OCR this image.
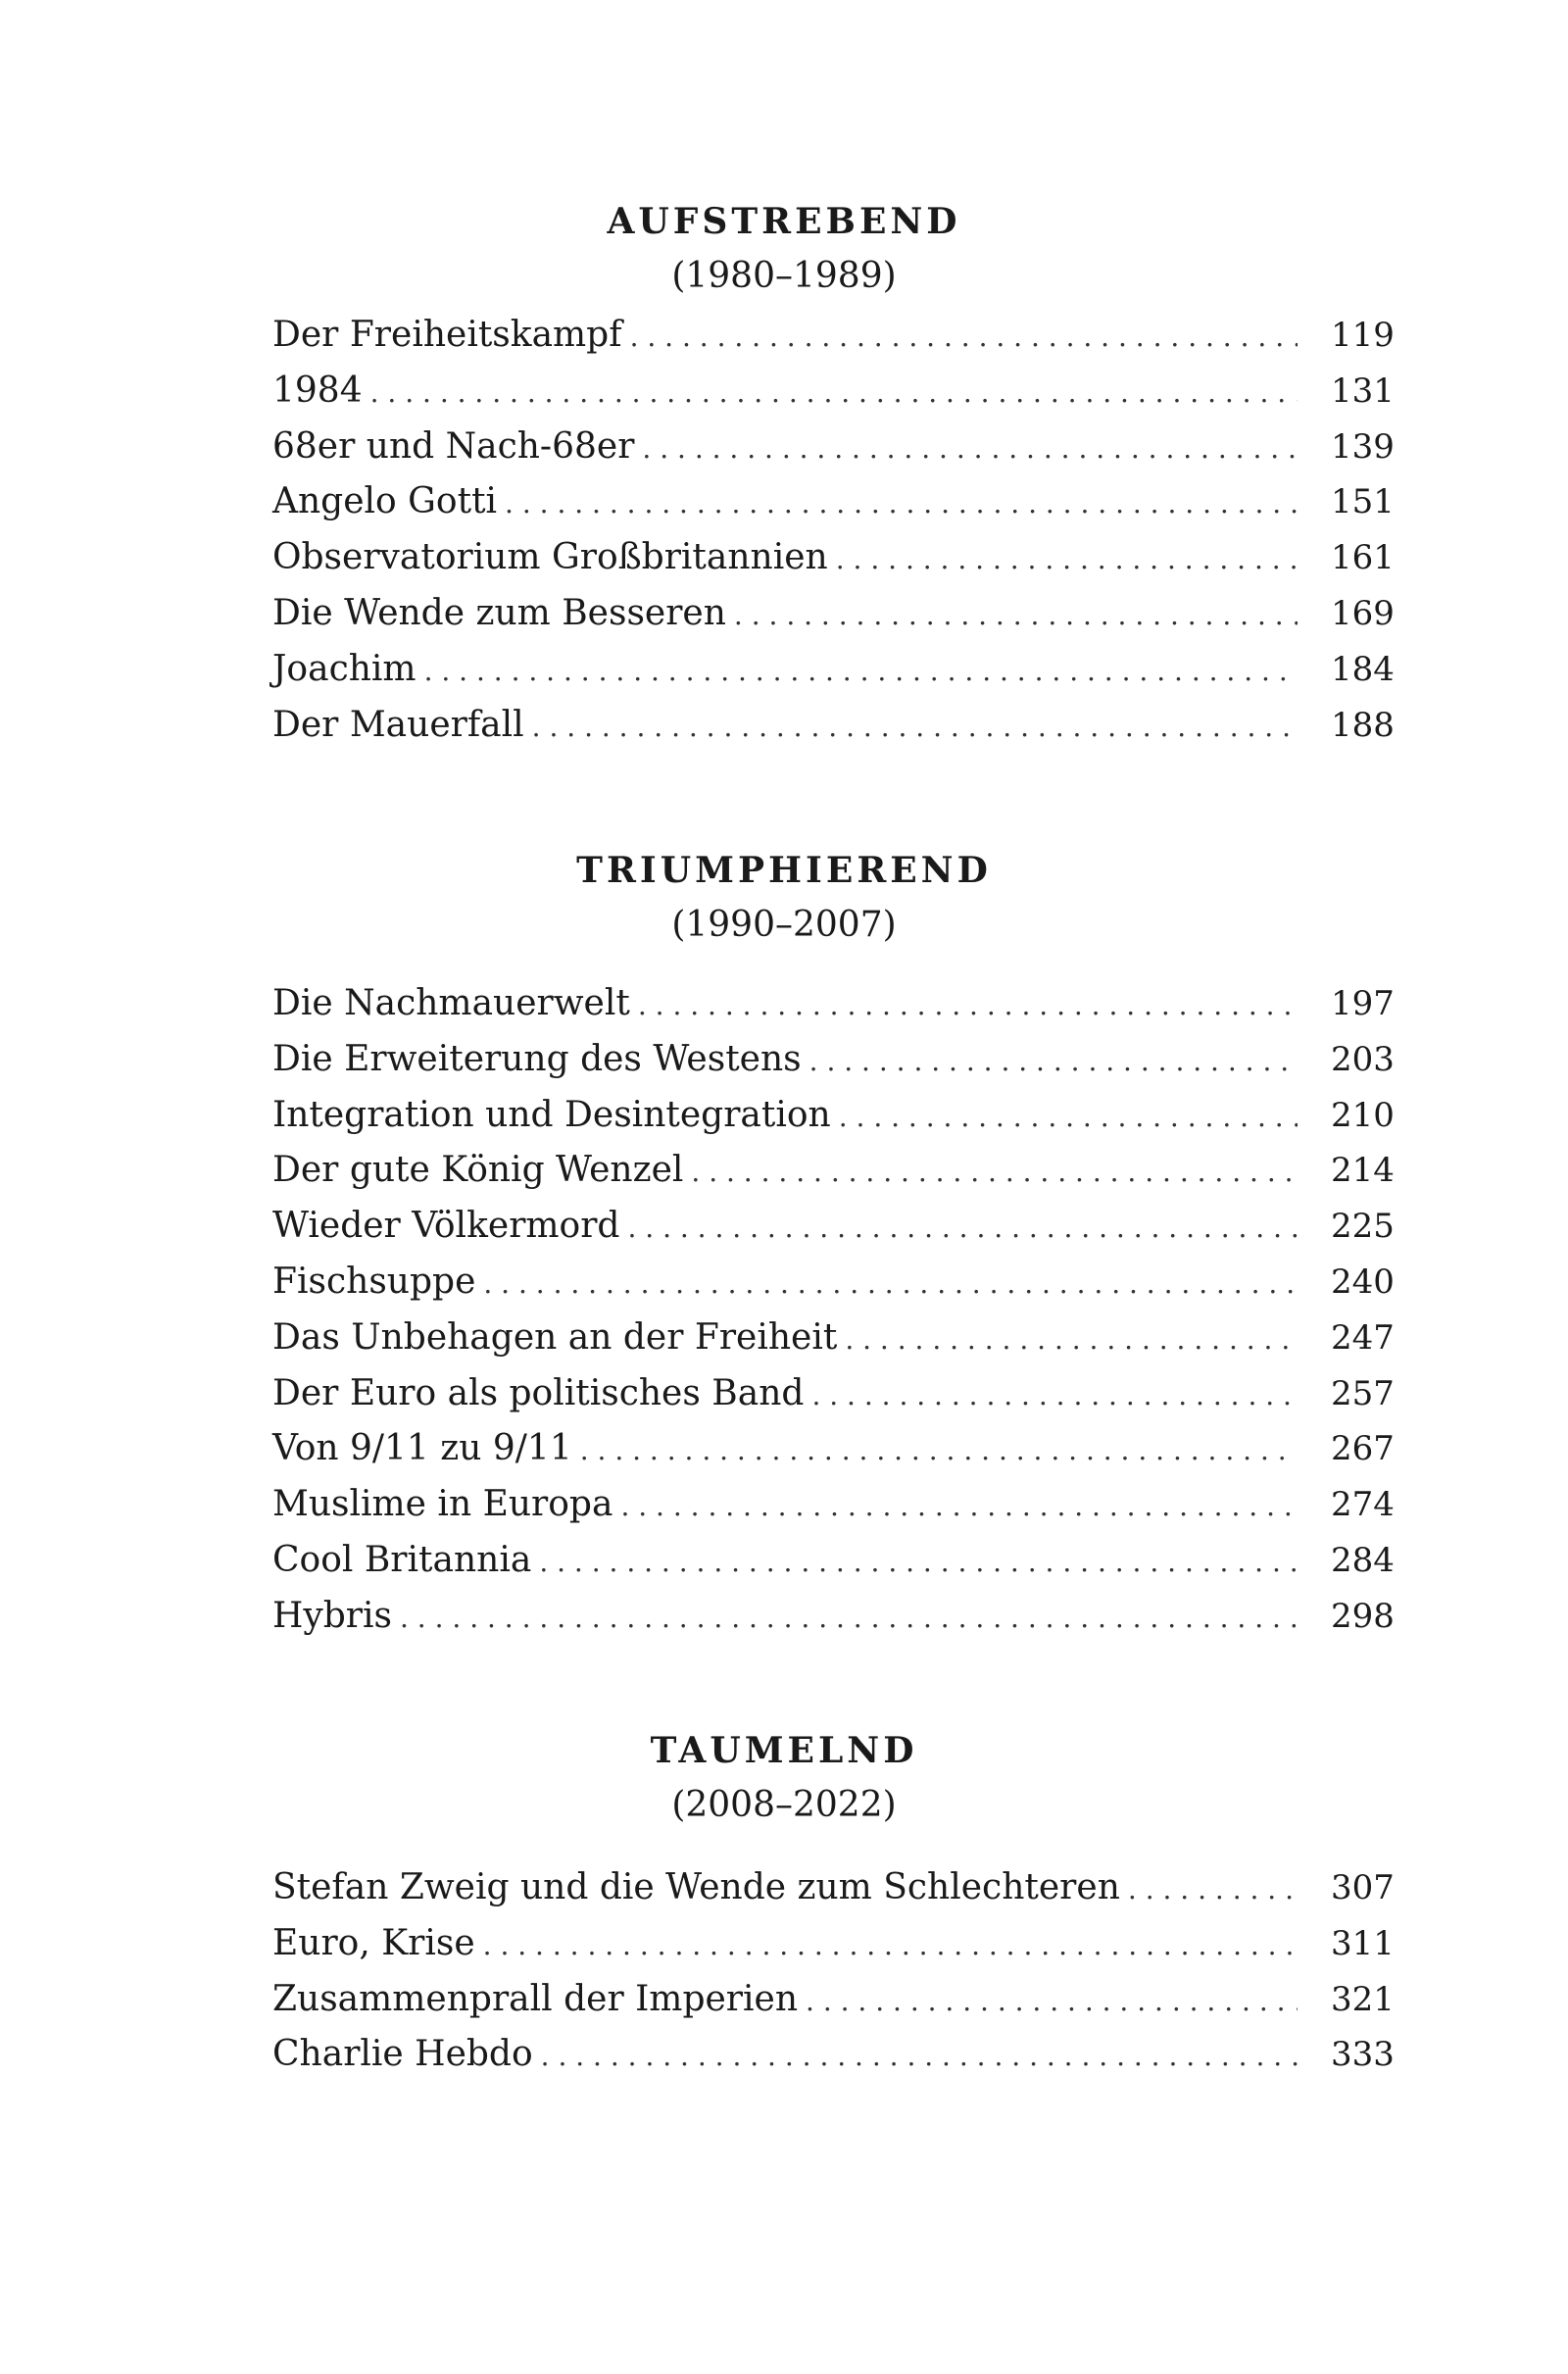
AUFSTREBEND
(1980–1989)
Der Freiheitskampf . . .	119
1984 . . .	131
68er und Nach-68er . . .	139
Angelo Gotti . . .	151
Observatorium Großbritannien . . .	161
Die Wende zum Besseren . . .	169
Joachim . . .	184
Der Mauerfall . . .	188
TRIUMPHIEREND
(1990–2007)
Die Nachmauerwelt . . .	197
Die Erweiterung des Westens . . .	203
Integration und Desintegration . . .	210
Der gute König Wenzel . . .	214
Wieder Völkermord . . .	225
Fischsuppe . . .	240
Das Unbehagen an der Freiheit . . .	247
Der Euro als politisches Band . . .	257
Von 9/11 zu 9/11 . . .	267
Muslime in Europa . . .	274
Cool Britannia . . .	284
Hybris . . .	298
TAUMELND
(2008–2022)
Stefan Zweig und die Wende zum Schlechteren . . .	307
Euro, Krise . . .	311
Zusammenprall der Imperien . . .	321
Charlie Hebdo . . .	333
